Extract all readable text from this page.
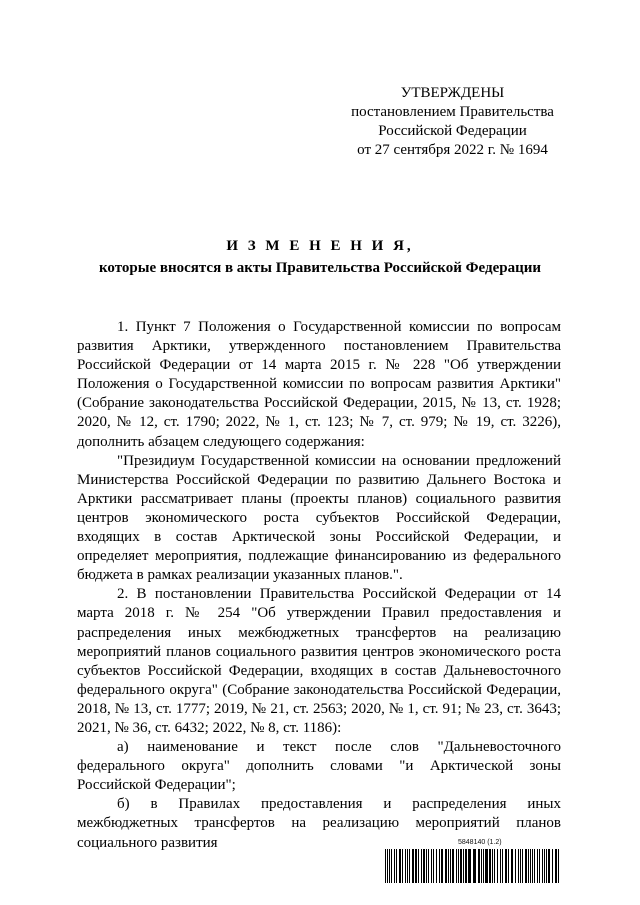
УТВЕРЖДЕНЫ
постановлением Правительства
Российской Федерации
от 27 сентября 2022 г. № 1694
И З М Е Н Е Н И Я,
которые вносятся в акты Правительства Российской Федерации

1. Пункт 7 Положения о Государственной комиссии по вопросам развития Арктики, утвержденного постановлением Правительства Российской Федерации от 14 марта 2015 г. № 228 "Об утверждении Положения о Государственной комиссии по вопросам развития Арктики" (Собрание законодательства Российской Федерации, 2015, № 13, ст. 1928; 2020, № 12, ст. 1790; 2022, № 1, ст. 123; № 7, ст. 979; № 19, ст. 3226), дополнить абзацем следующего содержания:

"Президиум Государственной комиссии на основании предложений Министерства Российской Федерации по развитию Дальнего Востока и Арктики рассматривает планы (проекты планов) социального развития центров экономического роста субъектов Российской Федерации, входящих в состав Арктической зоны Российской Федерации, и определяет мероприятия, подлежащие финансированию из федерального бюджета в рамках реализации указанных планов.".

2. В постановлении Правительства Российской Федерации от 14 марта 2018 г. № 254 "Об утверждении Правил предоставления и распределения иных межбюджетных трансфертов на реализацию мероприятий планов социального развития центров экономического роста субъектов Российской Федерации, входящих в состав Дальневосточного федерального округа" (Собрание законодательства Российской Федерации, 2018, № 13, ст. 1777; 2019, № 21, ст. 2563; 2020, № 1, ст. 91; № 23, ст. 3643; 2021, № 36, ст. 6432; 2022, № 8, ст. 1186):

а) наименование и текст после слов "Дальневосточного федерального округа" дополнить словами "и Арктической зоны Российской Федерации";

б) в Правилах предоставления и распределения иных межбюджетных трансфертов на реализацию мероприятий планов социального развития	5848140 (1.2)
